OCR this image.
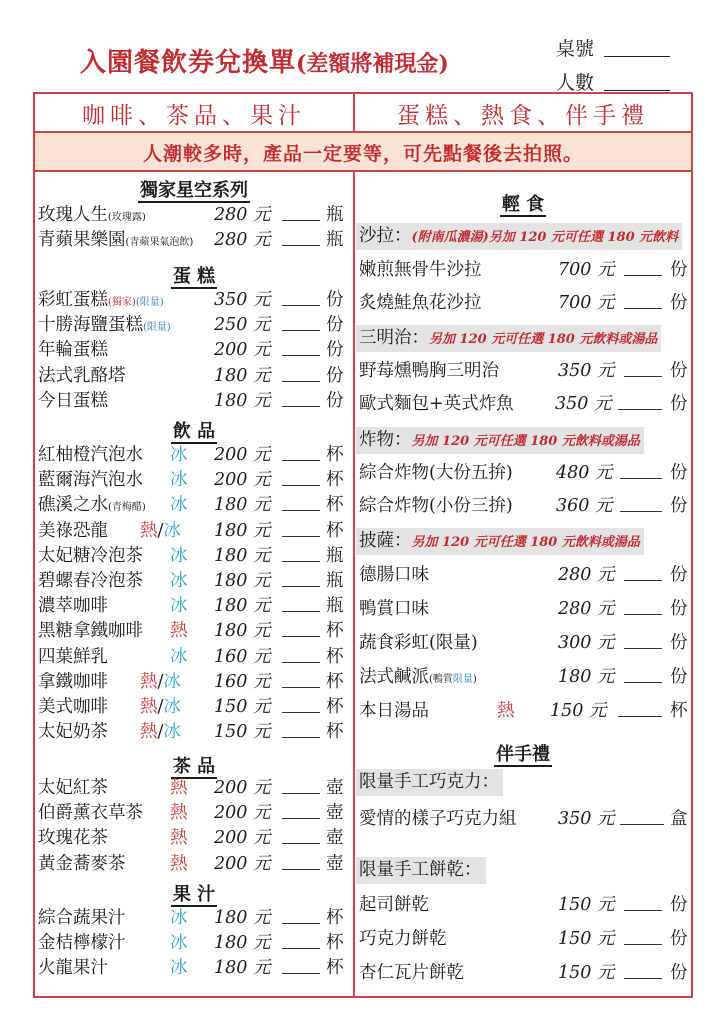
入園餐飲券兌換單(差額將補現金)
桌號
人數
咖啡、茶品、果汁	蛋糕、熱食、伴手禮
人潮較多時，產品一定要等，可先點餐後去拍照。
獨家星空系列
玫瑰人生(玫瑰露)	280 元	瓶
青蘋果樂園(青蘋果氣泡飲) 280 元	瓶
蛋 糕
彩虹蛋糕(獨家)(限量)	350 元	份
十勝海鹽蛋糕(限量) 250 元	份
年輪蛋糕	200 元	份
法式乳酪塔	180 元	份
今日蛋糕	180 元	份
飲 品
紅柚橙汽泡水 冰 200 元	杯
藍爾海汽泡水 冰 200 元	杯
礁溪之水(青梅醋) 冰 180 元	杯
美祿恐龍 熱/冰 180 元	杯
太妃糖冷泡茶 冰 180 元	瓶
碧螺春冷泡茶 冰 180 元	瓶
濃萃咖啡	冰 180 元	瓶
黑糖拿鐵咖啡 熱 180 元	杯
四葉鮮乳	冰 160 元	杯
拿鐵咖啡 熱/冰 160 元	杯
美式咖啡 熱/冰 150 元	杯
太妃奶茶 熱/冰 150 元	杯
茶 品
太妃紅茶	熱 200 元	壺
伯爵薰衣草茶 熱 200 元	壺
玫瑰花茶	熱 200 元	壺
黃金蕎麥茶	熱 200 元	壺
果 汁
綜合蔬果汁	冰 180 元	杯
金桔檸檬汁	冰 180 元	杯
火龍果汁	冰 180 元	杯
輕 食
沙拉：(附南瓜濃湯)另加 120 元可任選 180 元飲料
嫩煎無骨牛沙拉	700 元	份
炙燒鮭魚花沙拉	700 元	份
三明治：另加 120 元可任選 180 元飲料或湯品
野莓燻鴨胸三明治	350 元	份
歐式麵包+英式炸魚 350 元	份
炸物：另加 120 元可任選 180 元飲料或湯品
綜合炸物(大份五拚) 480 元	份
綜合炸物(小份三拚) 360 元	份
披薩：另加 120 元可任選 180 元飲料或湯品
德腸口味	280 元	份
鴨賞口味	280 元	份
蔬食彩虹(限量)	300 元	份
法式鹹派(鴨賞限量)	180 元	份
本日湯品	熱 150 元	杯
伴手禮
限量手工巧克力：
愛情的樣子巧克力組 350 元	盒
限量手工餅乾：
起司餅乾	150 元	份
巧克力餅乾	150 元	份
杏仁瓦片餅乾	150 元	份
